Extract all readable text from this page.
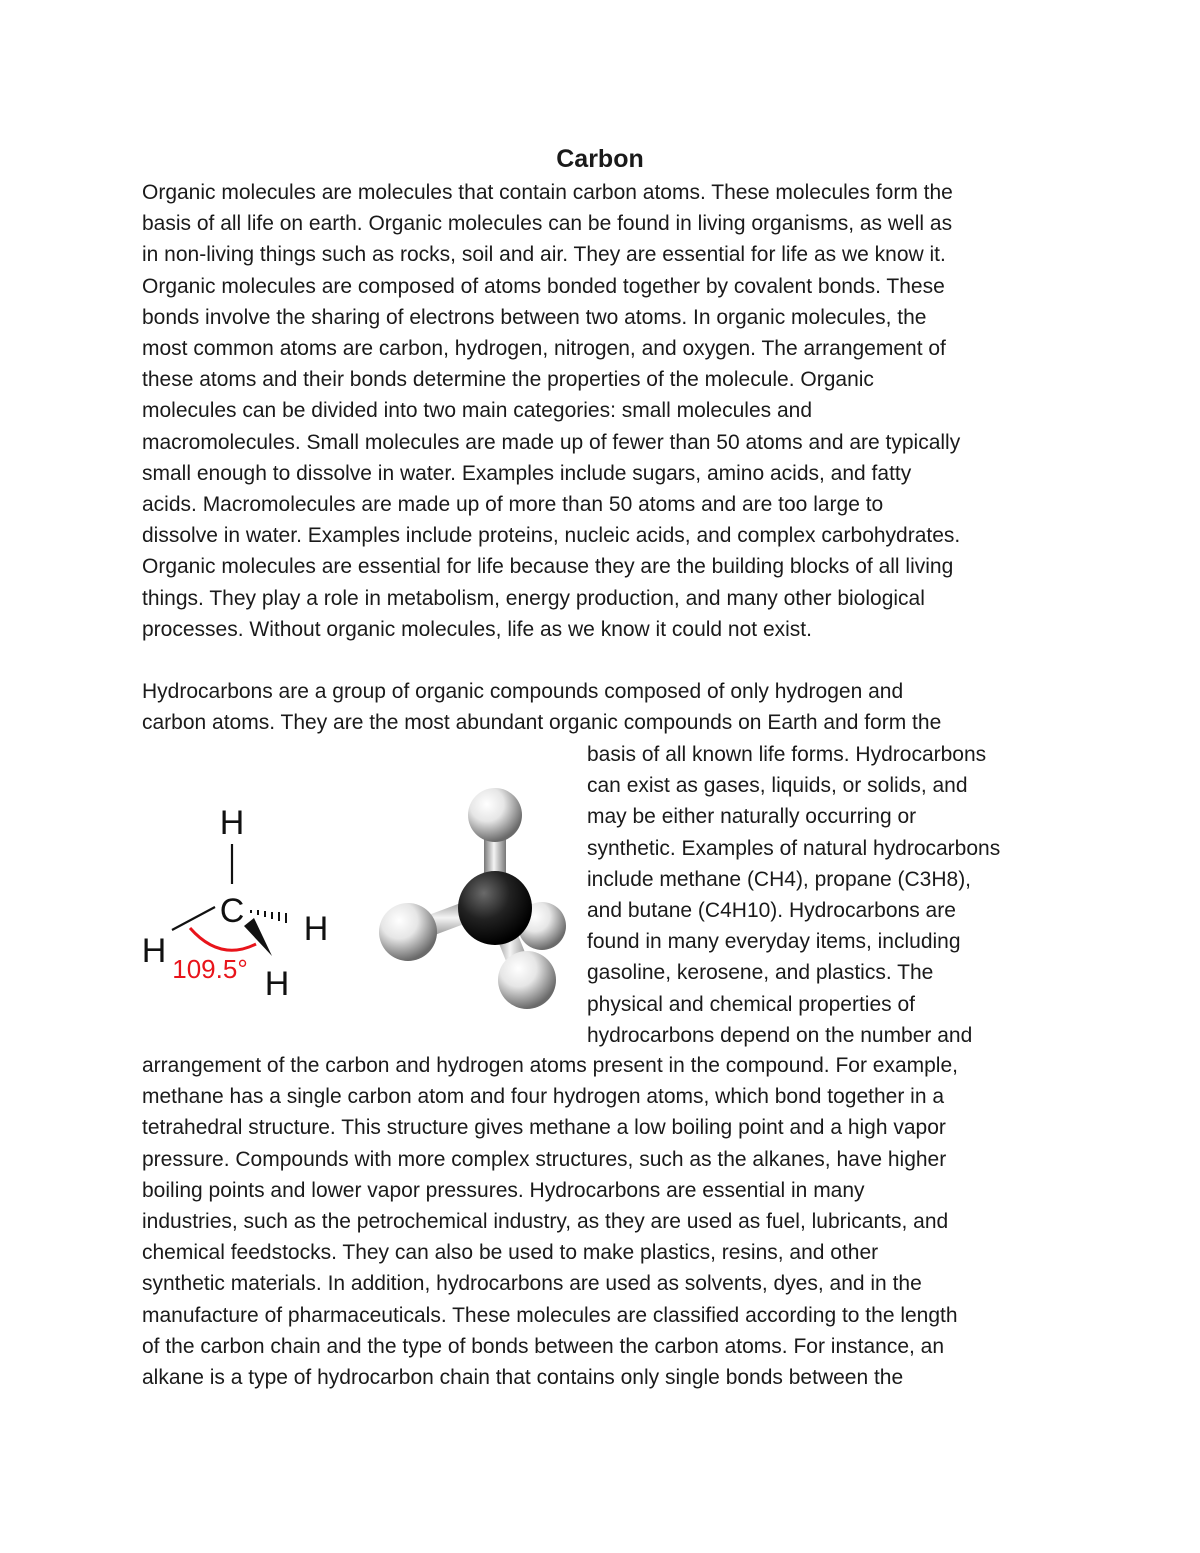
Carbon
Organic molecules are molecules that contain carbon atoms. These molecules form the
basis of all life on earth. Organic molecules can be found in living organisms, as well as
in non-living things such as rocks, soil and air. They are essential for life as we know it.
Organic molecules are composed of atoms bonded together by covalent bonds. These
bonds involve the sharing of electrons between two atoms. In organic molecules, the
most common atoms are carbon, hydrogen, nitrogen, and oxygen. The arrangement of
these atoms and their bonds determine the properties of the molecule. Organic
molecules can be divided into two main categories: small molecules and
macromolecules. Small molecules are made up of fewer than 50 atoms and are typically
small enough to dissolve in water. Examples include sugars, amino acids, and fatty
acids. Macromolecules are made up of more than 50 atoms and are too large to
dissolve in water. Examples include proteins, nucleic acids, and complex carbohydrates.
Organic molecules are essential for life because they are the building blocks of all living
things. They play a role in metabolism, energy production, and many other biological
processes. Without organic molecules, life as we know it could not exist.
Hydrocarbons are a group of organic compounds composed of only hydrogen and
carbon atoms. They are the most abundant organic compounds on Earth and form the
basis of all known life forms. Hydrocarbons
can exist as gases, liquids, or solids, and
may be either naturally occurring or
synthetic. Examples of natural hydrocarbons
include methane (CH4), propane (C3H8),
and butane (C4H10). Hydrocarbons are
found in many everyday items, including
gasoline, kerosene, and plastics. The
physical and chemical properties of
hydrocarbons depend on the number and
arrangement of the carbon and hydrogen atoms present in the compound. For example,
methane has a single carbon atom and four hydrogen atoms, which bond together in a
tetrahedral structure. This structure gives methane a low boiling point and a high vapor
pressure. Compounds with more complex structures, such as the alkanes, have higher
boiling points and lower vapor pressures. Hydrocarbons are essential in many
industries, such as the petrochemical industry, as they are used as fuel, lubricants, and
chemical feedstocks. They can also be used to make plastics, resins, and other
synthetic materials. In addition, hydrocarbons are used as solvents, dyes, and in the
manufacture of pharmaceuticals. These molecules are classified according to the length
of the carbon chain and the type of bonds between the carbon atoms. For instance, an
alkane is a type of hydrocarbon chain that contains only single bonds between the
H
C
H
H
H
109.5°
